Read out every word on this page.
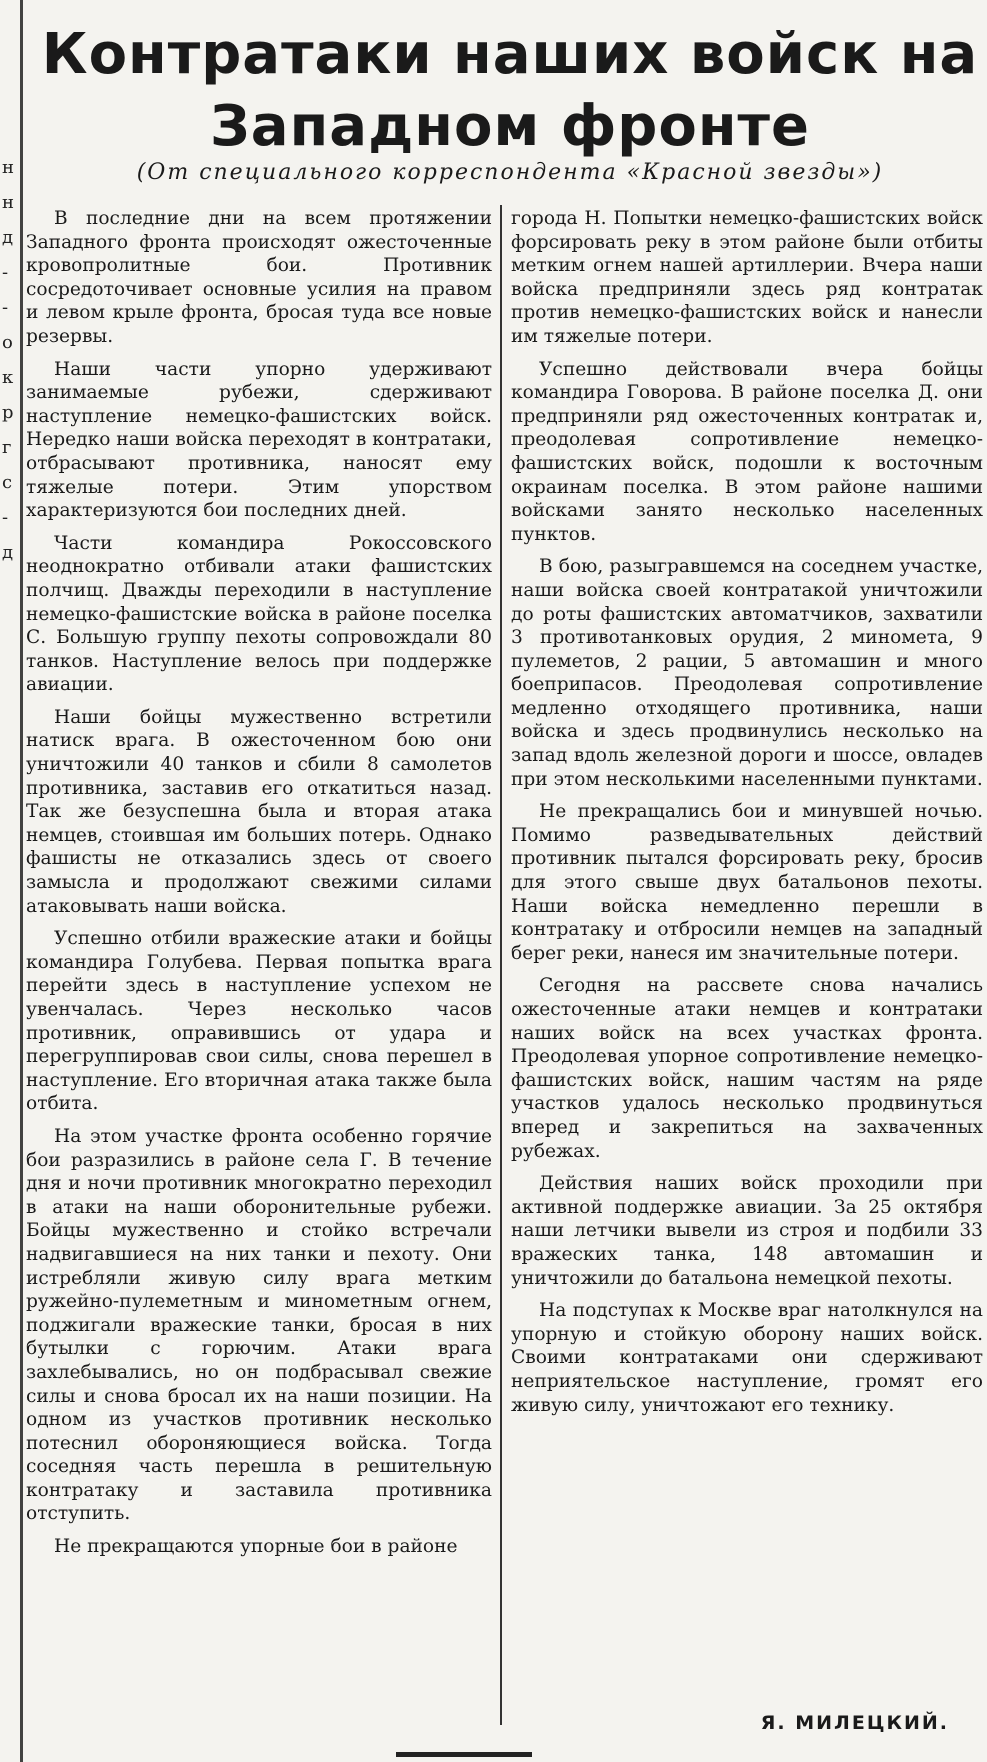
н
н
д
-
-
о
к
р
г
с
-
д
Контратаки наших войск на
Западном фронте

(От специального корреспондента «Красной звезды»)

В последние дни на всем протяжении Западного фронта происходят ожесточенные кровопролитные бои. Противник сосредоточивает основные усилия на правом и левом крыле фронта, бросая туда все новые резервы.

Наши части упорно удерживают занимаемые рубежи, сдерживают наступление немецко-фашистских войск. Нередко наши войска переходят в контратаки, отбрасывают противника, наносят ему тяжелые потери. Этим упорством характеризуются бои последних дней.

Части командира Рокоссовского неоднократно отбивали атаки фашистских полчищ. Дважды переходили в наступление немецко-фашистские войска в районе поселка С. Большую группу пехоты сопровождали 80 танков. Наступление велось при поддержке авиации.

Наши бойцы мужественно встретили натиск врага. В ожесточенном бою они уничтожили 40 танков и сбили 8 самолетов противника, заставив его откатиться назад. Так же безуспешна была и вторая атака немцев, стоившая им больших потерь. Однако фашисты не отказались здесь от своего замысла и продолжают свежими силами атаковывать наши войска.

Успешно отбили вражеские атаки и бойцы командира Голубева. Первая попытка врага перейти здесь в наступление успехом не увенчалась. Через несколько часов противник, оправившись от удара и перегруппировав свои силы, снова перешел в наступление. Его вторичная атака также была отбита.

На этом участке фронта особенно горячие бои разразились в районе села Г. В течение дня и ночи противник многократно переходил в атаки на наши оборонительные рубежи. Бойцы мужественно и стойко встречали надвигавшиеся на них танки и пехоту. Они истребляли живую силу врага метким ружейно-пулеметным и минометным огнем, поджигали вражеские танки, бросая в них бутылки с горючим. Атаки врага захлебывались, но он подбрасывал свежие силы и снова бросал их на наши позиции. На одном из участков противник несколько потеснил обороняющиеся войска. Тогда соседняя часть перешла в решительную контратаку и заставила противника отступить.

Не прекращаются упорные бои в районе

города Н. Попытки немецко-фашистских войск форсировать реку в этом районе были отбиты метким огнем нашей артиллерии. Вчера наши войска предприняли здесь ряд контратак против немецко-фашистских войск и нанесли им тяжелые потери.

Успешно действовали вчера бойцы командира Говорова. В районе поселка Д. они предприняли ряд ожесточенных контратак и, преодолевая сопротивление немецко-фашистских войск, подошли к восточным окраинам поселка. В этом районе нашими войсками занято несколько населенных пунктов.

В бою, разыгравшемся на соседнем участке, наши войска своей контратакой уничтожили до роты фашистских автоматчиков, захватили 3 противотанковых орудия, 2 миномета, 9 пулеметов, 2 рации, 5 автомашин и много боеприпасов. Преодолевая сопротивление медленно отходящего противника, наши войска и здесь продвинулись несколько на запад вдоль железной дороги и шоссе, овладев при этом несколькими населенными пунктами.

Не прекращались бои и минувшей ночью. Помимо разведывательных действий противник пытался форсировать реку, бросив для этого свыше двух батальонов пехоты. Наши войска немедленно перешли в контратаку и отбросили немцев на западный берег реки, нанеся им значительные потери.

Сегодня на рассвете снова начались ожесточенные атаки немцев и контратаки наших войск на всех участках фронта. Преодолевая упорное сопротивление немецко-фашистских войск, нашим частям на ряде участков удалось несколько продвинуться вперед и закрепиться на захваченных рубежах.

Действия наших войск проходили при активной поддержке авиации. За 25 октября наши летчики вывели из строя и подбили 33 вражеских танка, 148 автомашин и уничтожили до батальона немецкой пехоты.

На подступах к Москве враг натолкнулся на упорную и стойкую оборону наших войск. Своими контратаками они сдерживают неприятельское наступление, громят его живую силу, уничтожают его технику.

Я. МИЛЕЦКИЙ.
